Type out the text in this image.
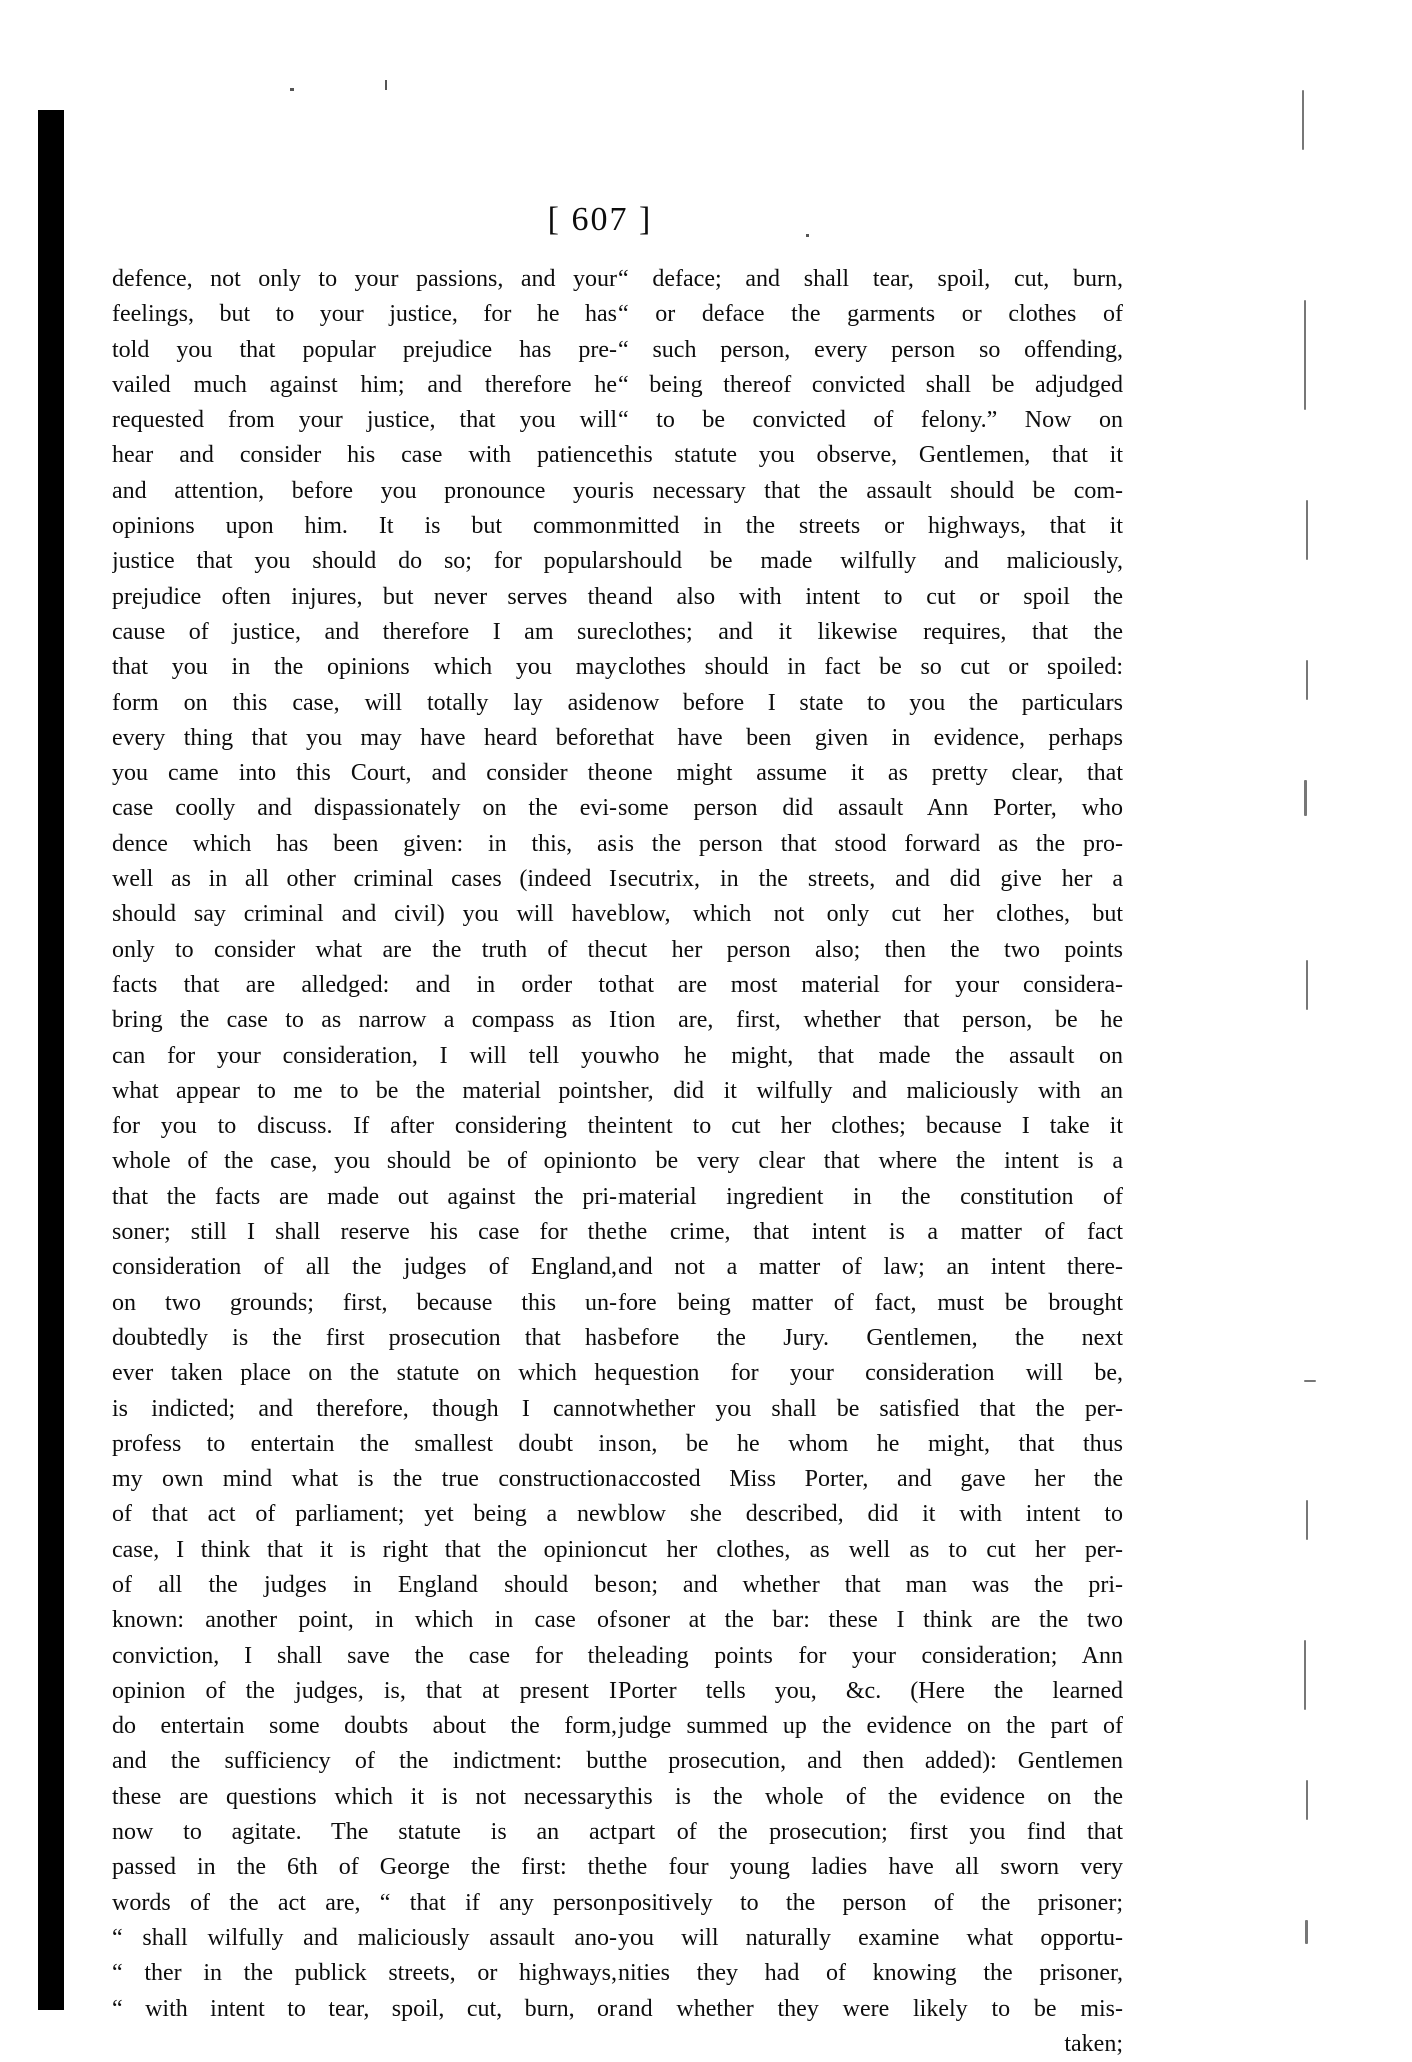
[ 607 ]
defence, not only to your passions, and your
feelings, but to your justice, for he has
told you that popular prejudice has pre-
vailed much against him; and therefore he
requested from your justice, that you will
hear and consider his case with patience
and attention, before you pronounce your
opinions upon him. It is but common
justice that you should do so; for popular
prejudice often injures, but never serves the
cause of justice, and therefore I am sure
that you in the opinions which you may
form on this case, will totally lay aside
every thing that you may have heard before
you came into this Court, and consider the
case coolly and dispassionately on the evi-
dence which has been given: in this, as
well as in all other criminal cases (indeed I
should say criminal and civil) you will have
only to consider what are the truth of the
facts that are alledged: and in order to
bring the case to as narrow a compass as I
can for your consideration, I will tell you
what appear to me to be the material points
for you to discuss. If after considering the
whole of the case, you should be of opinion
that the facts are made out against the pri-
soner; still I shall reserve his case for the
consideration of all the judges of England,
on two grounds; first, because this un-
doubtedly is the first prosecution that has
ever taken place on the statute on which he
is indicted; and therefore, though I cannot
profess to entertain the smallest doubt in
my own mind what is the true construction
of that act of parliament; yet being a new
case, I think that it is right that the opinion
of all the judges in England should be
known: another point, in which in case of
conviction, I shall save the case for the
opinion of the judges, is, that at present I
do entertain some doubts about the form,
and the sufficiency of the indictment: but
these are questions which it is not necessary
now to agitate. The statute is an act
passed in the 6th of George the first: the
words of the act are, “ that if any person
“ shall wilfully and maliciously assault ano-
“ ther in the publick streets, or highways,
“ with intent to tear, spoil, cut, burn, or
“ deface; and shall tear, spoil, cut, burn,
“ or deface the garments or clothes of
“ such person, every person so offending,
“ being thereof convicted shall be adjudged
“ to be convicted of felony.” Now on
this statute you observe, Gentlemen, that it
is necessary that the assault should be com-
mitted in the streets or highways, that it
should be made wilfully and maliciously,
and also with intent to cut or spoil the
clothes; and it likewise requires, that the
clothes should in fact be so cut or spoiled:
now before I state to you the particulars
that have been given in evidence, perhaps
one might assume it as pretty clear, that
some person did assault Ann Porter, who
is the person that stood forward as the pro-
secutrix, in the streets, and did give her a
blow, which not only cut her clothes, but
cut her person also; then the two points
that are most material for your considera-
tion are, first, whether that person, be he
who he might, that made the assault on
her, did it wilfully and maliciously with an
intent to cut her clothes; because I take it
to be very clear that where the intent is a
material ingredient in the constitution of
the crime, that intent is a matter of fact
and not a matter of law; an intent there-
fore being matter of fact, must be brought
before the Jury. Gentlemen, the next
question for your consideration will be,
whether you shall be satisfied that the per-
son, be he whom he might, that thus
accosted Miss Porter, and gave her the
blow she described, did it with intent to
cut her clothes, as well as to cut her per-
son; and whether that man was the pri-
soner at the bar: these I think are the two
leading points for your consideration; Ann
Porter tells you, &c. (Here the learned
judge summed up the evidence on the part of
the prosecution, and then added): Gentlemen
this is the whole of the evidence on the
part of the prosecution; first you find that
the four young ladies have all sworn very
positively to the person of the prisoner;
you will naturally examine what opportu-
nities they had of knowing the prisoner,
and whether they were likely to be mis-
taken;
